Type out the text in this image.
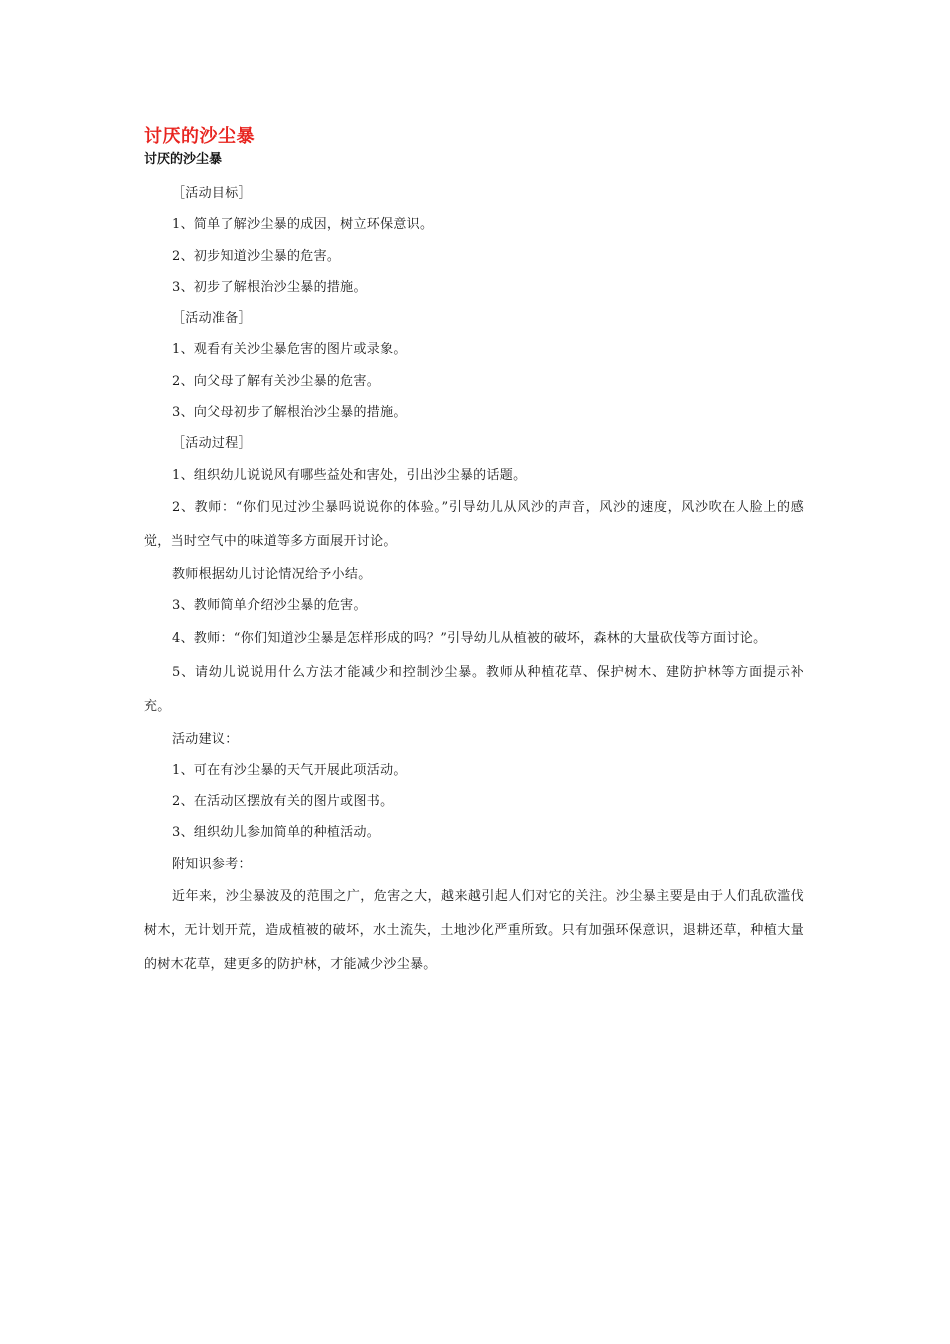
讨厌的沙尘暴
讨厌的沙尘暴

［活动目标］

1、简单了解沙尘暴的成因，树立环保意识。

2、初步知道沙尘暴的危害。

3、初步了解根治沙尘暴的措施。

［活动准备］

1、观看有关沙尘暴危害的图片或录象。

2、向父母了解有关沙尘暴的危害。

3、向父母初步了解根治沙尘暴的措施。

［活动过程］

1、组织幼儿说说风有哪些益处和害处，引出沙尘暴的话题。

2、教师：“你们见过沙尘暴吗说说你的体验。”引导幼儿从风沙的声音，风沙的速度，风沙吹在人脸上的感觉，当时空气中的味道等多方面展开讨论。

教师根据幼儿讨论情况给予小结。

3、教师简单介绍沙尘暴的危害。

4、教师：“你们知道沙尘暴是怎样形成的吗？”引导幼儿从植被的破坏，森林的大量砍伐等方面讨论。

5、请幼儿说说用什么方法才能减少和控制沙尘暴。教师从种植花草、保护树木、建防护林等方面提示补充。

活动建议：

1、可在有沙尘暴的天气开展此项活动。

2、在活动区摆放有关的图片或图书。

3、组织幼儿参加简单的种植活动。

附知识参考：

近年来，沙尘暴波及的范围之广，危害之大，越来越引起人们对它的关注。沙尘暴主要是由于人们乱砍滥伐树木，无计划开荒，造成植被的破坏，水土流失，土地沙化严重所致。只有加强环保意识，退耕还草，种植大量的树木花草，建更多的防护林，才能减少沙尘暴。
